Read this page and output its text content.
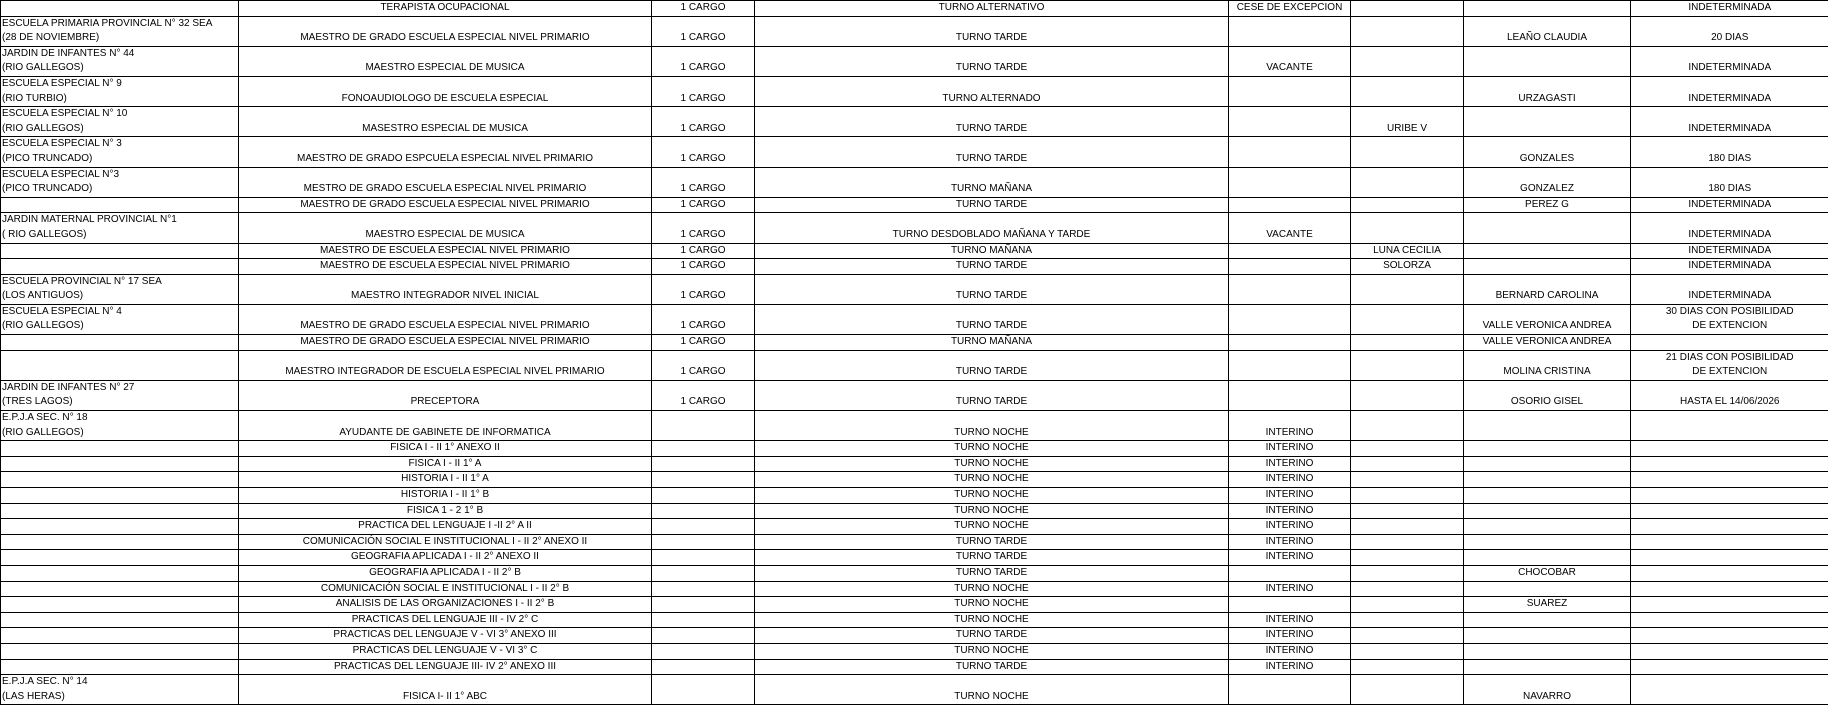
	TERAPISTA OCUPACIONAL	1 CARGO	TURNO ALTERNATIVO	CESE DE EXCEPCION			INDETERMINADA

ESCUELA PRIMARIA PROVINCIAL N° 32 SEA
(28 DE NOVIEMBRE)	MAESTRO DE GRADO ESCUELA ESPECIAL NIVEL PRIMARIO	1 CARGO	TURNO TARDE			LEAÑO CLAUDIA	20 DIAS

JARDIN DE INFANTES N° 44
(RIO GALLEGOS)	MAESTRO ESPECIAL DE MUSICA	1 CARGO	TURNO TARDE	VACANTE			INDETERMINADA

ESCUELA ESPECIAL N° 9
(RIO TURBIO)	FONOAUDIOLOGO DE ESCUELA ESPECIAL	1 CARGO	TURNO ALTERNADO			URZAGASTI	INDETERMINADA

ESCUELA ESPECIAL N° 10
(RIO GALLEGOS)	MASESTRO ESPECIAL DE MUSICA	1 CARGO	TURNO TARDE		URIBE V		INDETERMINADA

ESCUELA ESPECIAL N° 3
(PICO TRUNCADO)	MAESTRO DE GRADO ESPCUELA ESPECIAL NIVEL PRIMARIO	1 CARGO	TURNO TARDE			GONZALES	180 DIAS

ESCUELA ESPECIAL N°3
(PICO TRUNCADO)	MESTRO DE GRADO ESCUELA ESPECIAL NIVEL PRIMARIO	1 CARGO	TURNO MAÑANA			GONZALEZ	180 DIAS

	MAESTRO DE GRADO ESCUELA ESPECIAL NIVEL PRIMARIO	1 CARGO	TURNO TARDE			PEREZ G	INDETERMINADA

JARDIN MATERNAL PROVINCIAL N°1
( RIO GALLEGOS)	MAESTRO ESPECIAL DE MUSICA	1 CARGO	TURNO DESDOBLADO MAÑANA Y TARDE	VACANTE			INDETERMINADA

	MAESTRO DE ESCUELA ESPECIAL NIVEL PRIMARIO	1 CARGO	TURNO MAÑANA		LUNA CECILIA		INDETERMINADA

	MAESTRO DE ESCUELA ESPECIAL NIVEL PRIMARIO	1 CARGO	TURNO TARDE		SOLORZA		INDETERMINADA

ESCUELA PROVINCIAL N° 17 SEA
(LOS ANTIGUOS)	MAESTRO INTEGRADOR NIVEL INICIAL	1 CARGO	TURNO TARDE			BERNARD CAROLINA	INDETERMINADA

ESCUELA ESPECIAL N° 4
(RIO GALLEGOS)	MAESTRO DE GRADO ESCUELA ESPECIAL NIVEL PRIMARIO	1 CARGO	TURNO TARDE			VALLE VERONICA ANDREA	30 DIAS CON POSIBILIDAD
DE EXTENCION

	MAESTRO DE GRADO ESCUELA ESPECIAL NIVEL PRIMARIO	1 CARGO	TURNO MAÑANA			VALLE VERONICA ANDREA	
	MAESTRO INTEGRADOR DE ESCUELA ESPECIAL NIVEL PRIMARIO	1 CARGO	TURNO TARDE			MOLINA CRISTINA	21 DIAS CON POSIBILIDAD
DE EXTENCION

JARDIN DE INFANTES N° 27
(TRES LAGOS)	PRECEPTORA	1 CARGO	TURNO TARDE			OSORIO GISEL	HASTA EL 14/06/2026

E.P.J.A SEC. N° 18
(RIO GALLEGOS)	AYUDANTE DE GABINETE DE INFORMATICA		TURNO NOCHE	INTERINO			
	FISICA I - II 1° ANEXO II		TURNO NOCHE	INTERINO			
	FISICA I - II 1° A		TURNO NOCHE	INTERINO			
	HISTORIA I - II 1° A		TURNO NOCHE	INTERINO			
	HISTORIA I - II 1° B		TURNO NOCHE	INTERINO			
	FISICA 1 - 2 1° B		TURNO NOCHE	INTERINO			
	PRACTICA DEL LENGUAJE I -II 2° A II		TURNO NOCHE	INTERINO			
	COMUNICACIÓN SOCIAL E INSTITUCIONAL I - II 2° ANEXO II		TURNO TARDE	INTERINO			
	GEOGRAFIA APLICADA I - II 2° ANEXO II		TURNO TARDE	INTERINO			
	GEOGRAFIA APLICADA I - II 2° B		TURNO TARDE			CHOCOBAR	
	COMUNICACIÓN SOCIAL E INSTITUCIONAL I - II 2° B		TURNO NOCHE	INTERINO			
	ANALISIS DE LAS ORGANIZACIONES I - II 2° B		TURNO NOCHE			SUAREZ	
	PRACTICAS DEL LENGUAJE III - IV 2° C		TURNO NOCHE	INTERINO			
	PRACTICAS DEL LENGUAJE V - VI 3° ANEXO III		TURNO TARDE	INTERINO			
	PRACTICAS DEL LENGUAJE V - VI 3° C		TURNO NOCHE	INTERINO			
	PRACTICAS DEL LENGUAJE III- IV 2° ANEXO III		TURNO TARDE	INTERINO			

E.P.J.A SEC. N° 14
(LAS HERAS)	FISICA I- II 1° ABC		TURNO NOCHE			NAVARRO	
